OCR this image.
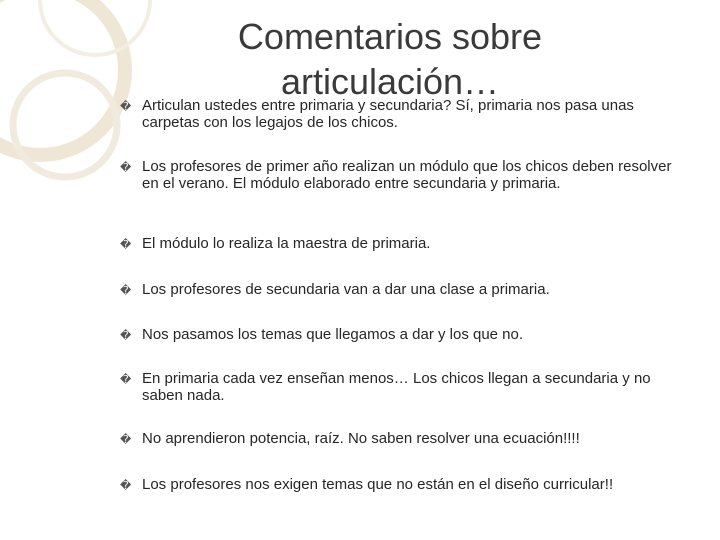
Comentarios sobre articulación…
� Articulan ustedes entre primaria y secundaria? Sí, primaria nos pasa unas carpetas con los legajos de los chicos.
� Los profesores de primer año realizan un módulo que los chicos deben resolver en el verano. El módulo elaborado entre secundaria y primaria.
� El módulo lo realiza la maestra de primaria.
� Los profesores de secundaria van a dar una clase a primaria.
� Nos pasamos los temas que llegamos a dar y los que no.
� En primaria cada vez enseñan menos… Los chicos llegan a secundaria y no saben nada.
� No aprendieron potencia, raíz. No saben resolver una ecuación!!!!
� Los profesores nos exigen temas que no están en el diseño curricular!!
